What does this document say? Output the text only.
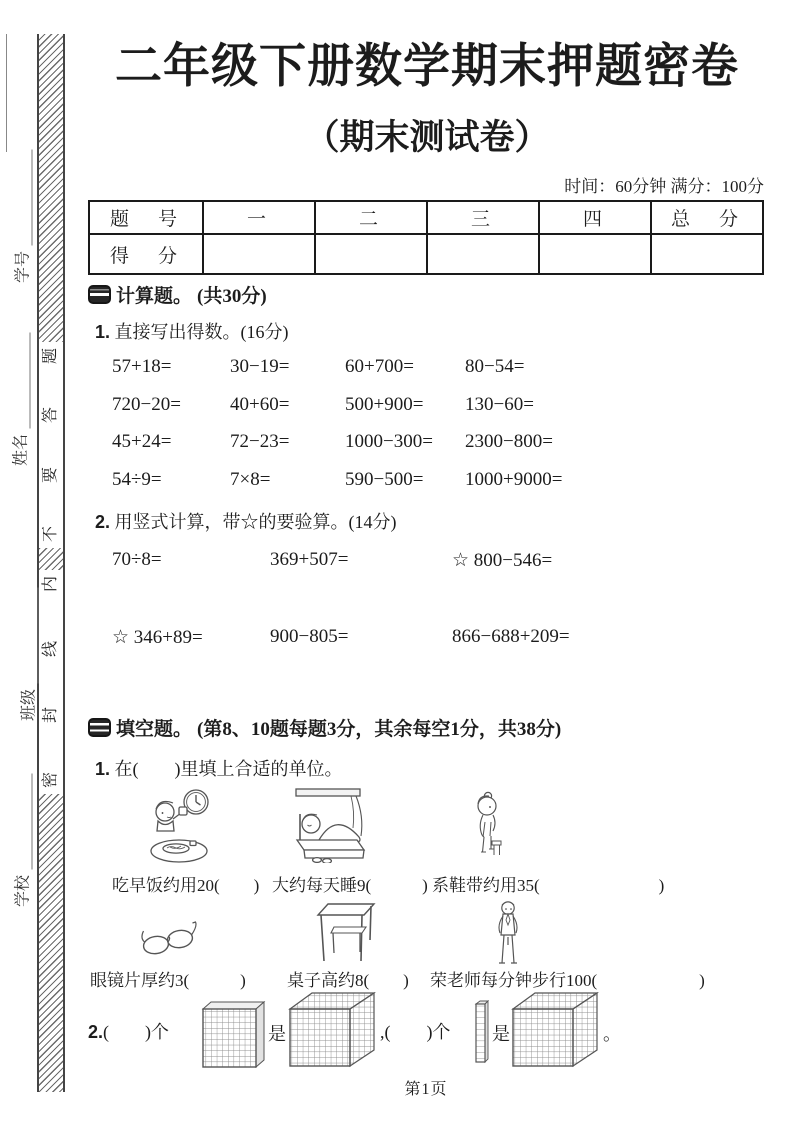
题
答
要
不
内
线
封
密
学号
姓名
班级
学校
二年级下册数学期末押题密卷
（期末测试卷）
时间：60分钟 满分：100分
题　号	一	二	三	四	总　分
得　分					
计算题。 (共30分)
1. 直接写出得数。(16分)
57+18=	30−19=	60+700=	80−54=
720−20=	40+60=	500+900=	130−60=
45+24=	72−23=	1000−300=	2300−800=
54÷9=	7×8=	590−500=	1000+9000=
2. 用竖式计算，带☆的要验算。(14分)
70÷8=	369+507=	☆ 800−546=
☆ 346+89=	900−805=	866−688+209=
填空题。 (第8、10题每题3分，其余每空1分，共38分)
1. 在(　　)里填上合适的单位。
吃早饭约用20(　　) 大约每天睡9(　　　) 系鞋带约用35(　　　　　　　)
眼镜片厚约3(　　　) 桌子高约8(　　) 荣老师每分钟步行100(　　　　　　)
2.(　　)个	是	,(　　)个 是	。
第1页
